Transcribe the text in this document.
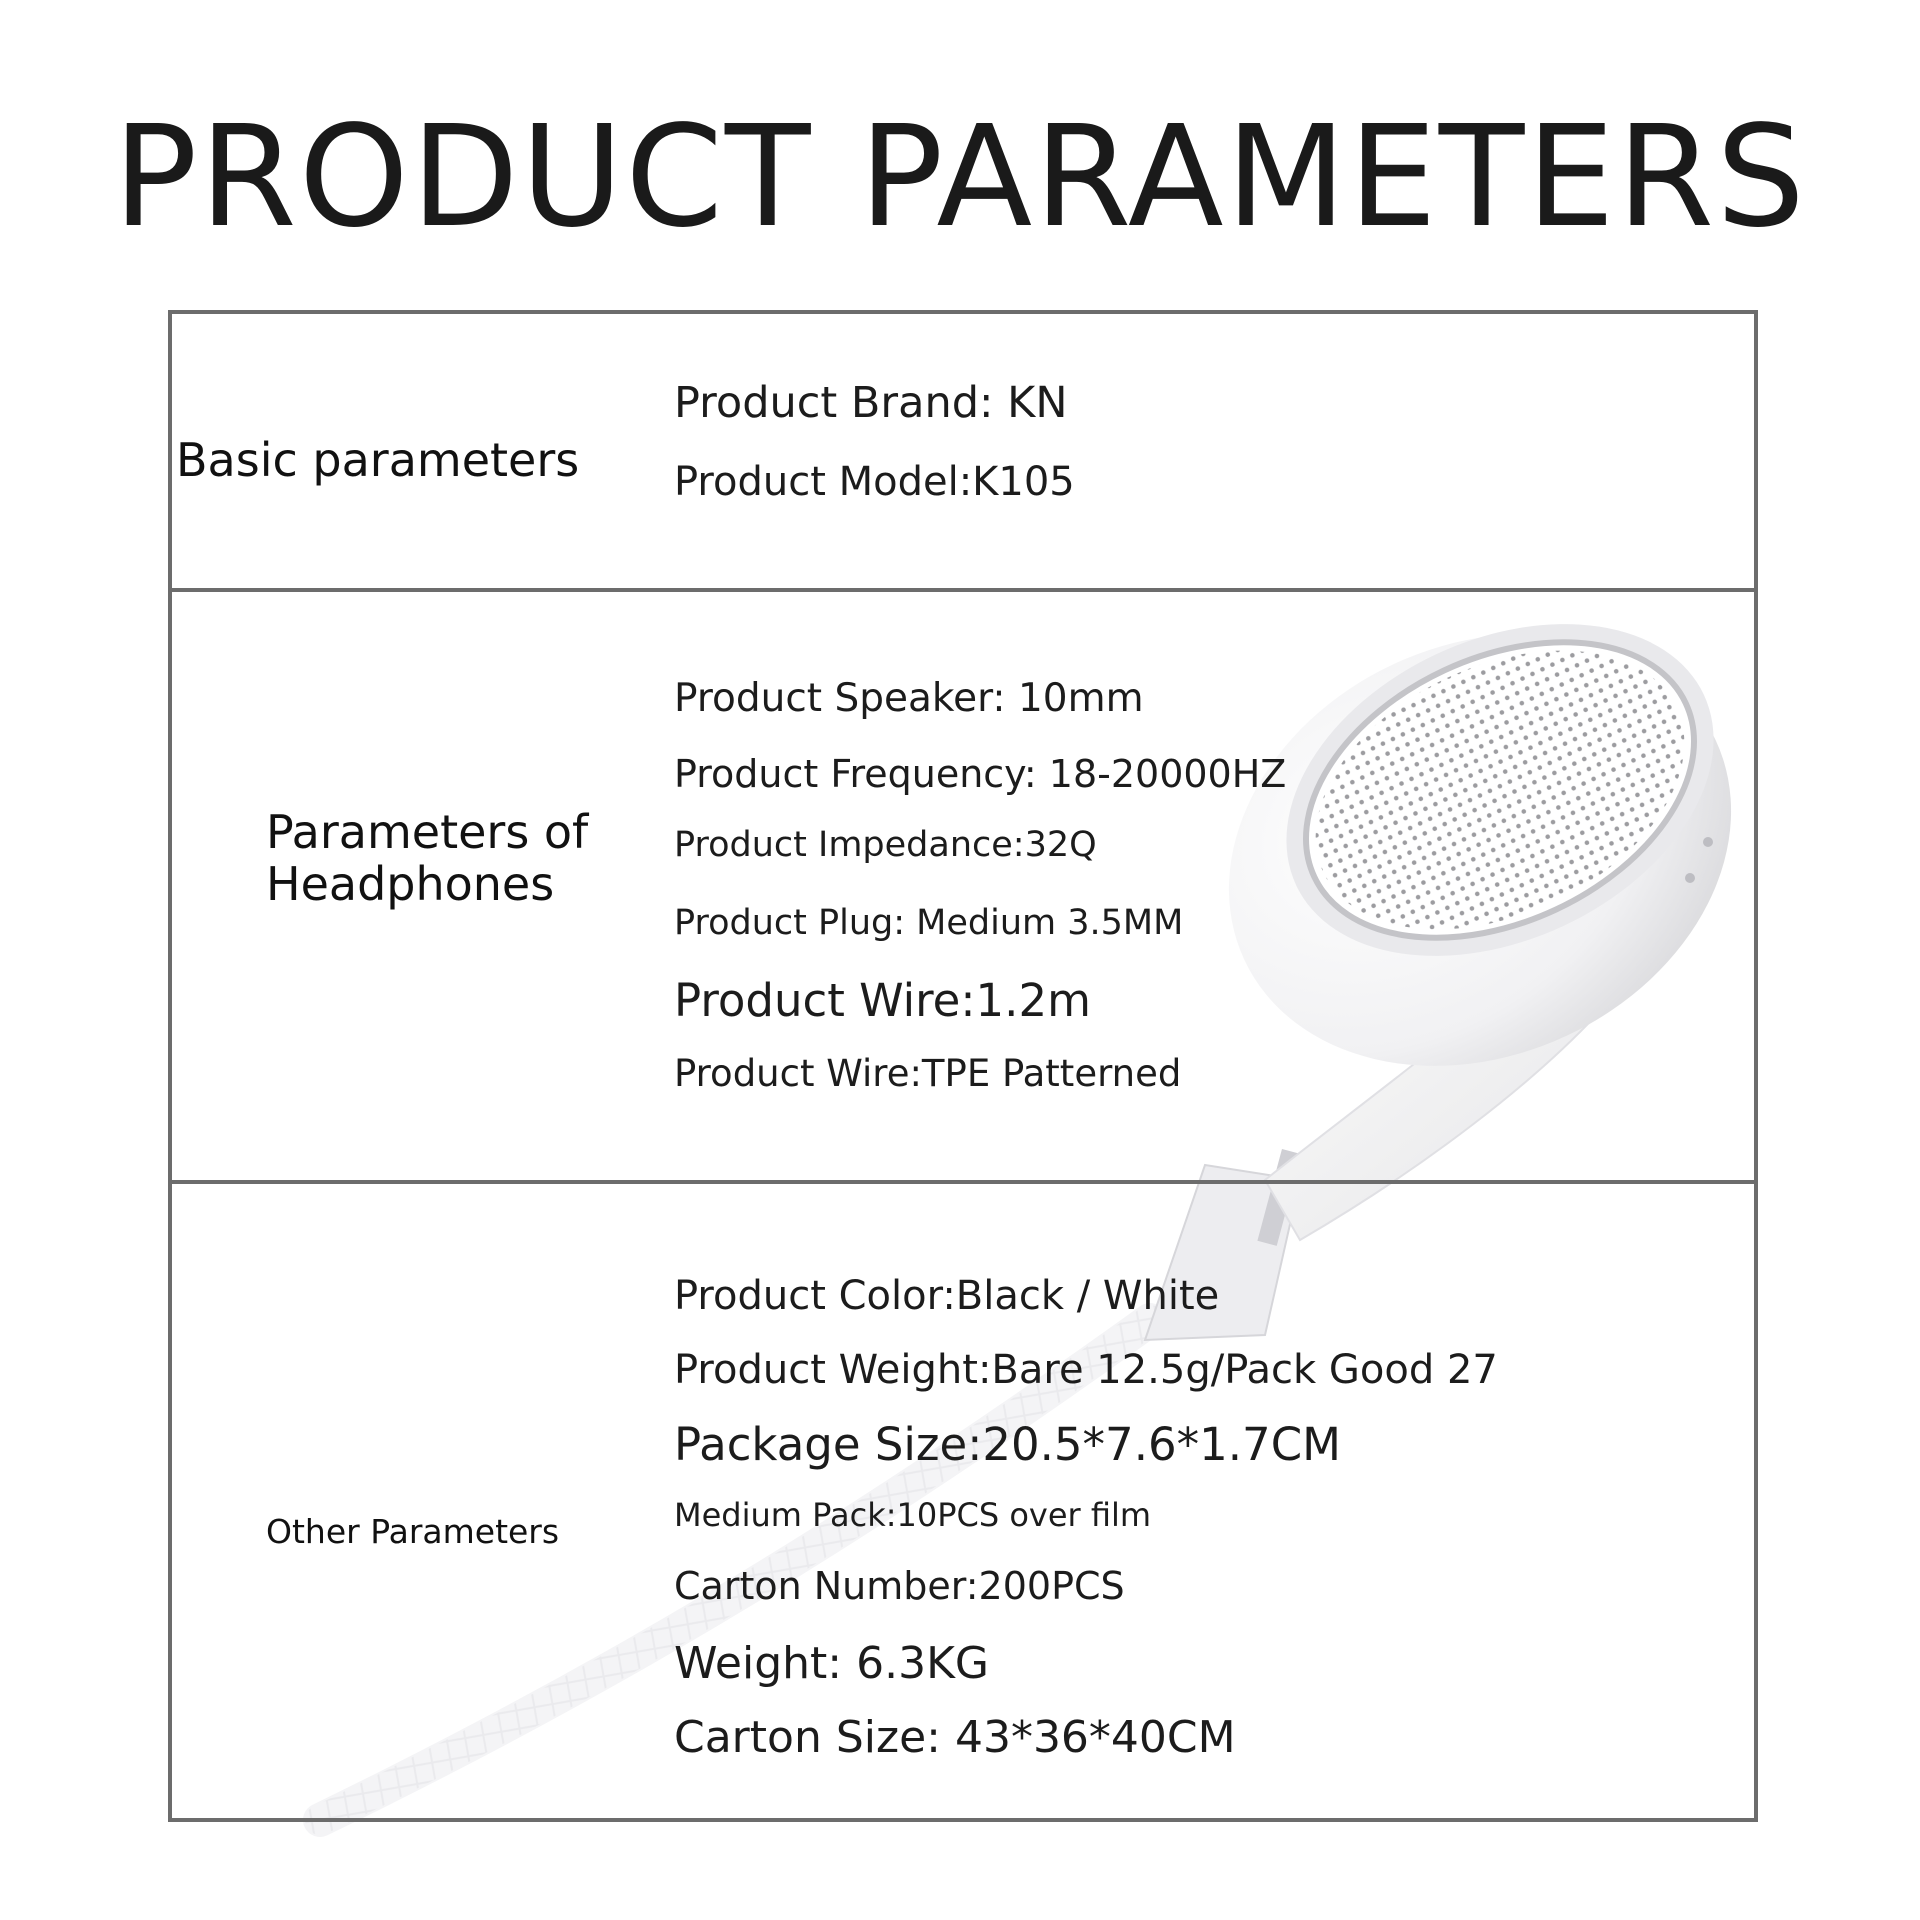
PRODUCT PARAMETERS
Basic parameters
Product Brand: KN
Product Model:K105
Parameters of Headphones
Product Speaker: 10mm
Product Frequency: 18-20000HZ
Product Impedance:32Q
Product Plug: Medium 3.5MM
Product Wire:1.2m
Product Wire:TPE Patterned
Other Parameters
Product Color:Black / White
Product Weight:Bare 12.5g/Pack Good 27
Package Size:20.5*7.6*1.7CM
Medium Pack:10PCS over film
Carton Number:200PCS
Weight: 6.3KG
Carton Size: 43*36*40CM
